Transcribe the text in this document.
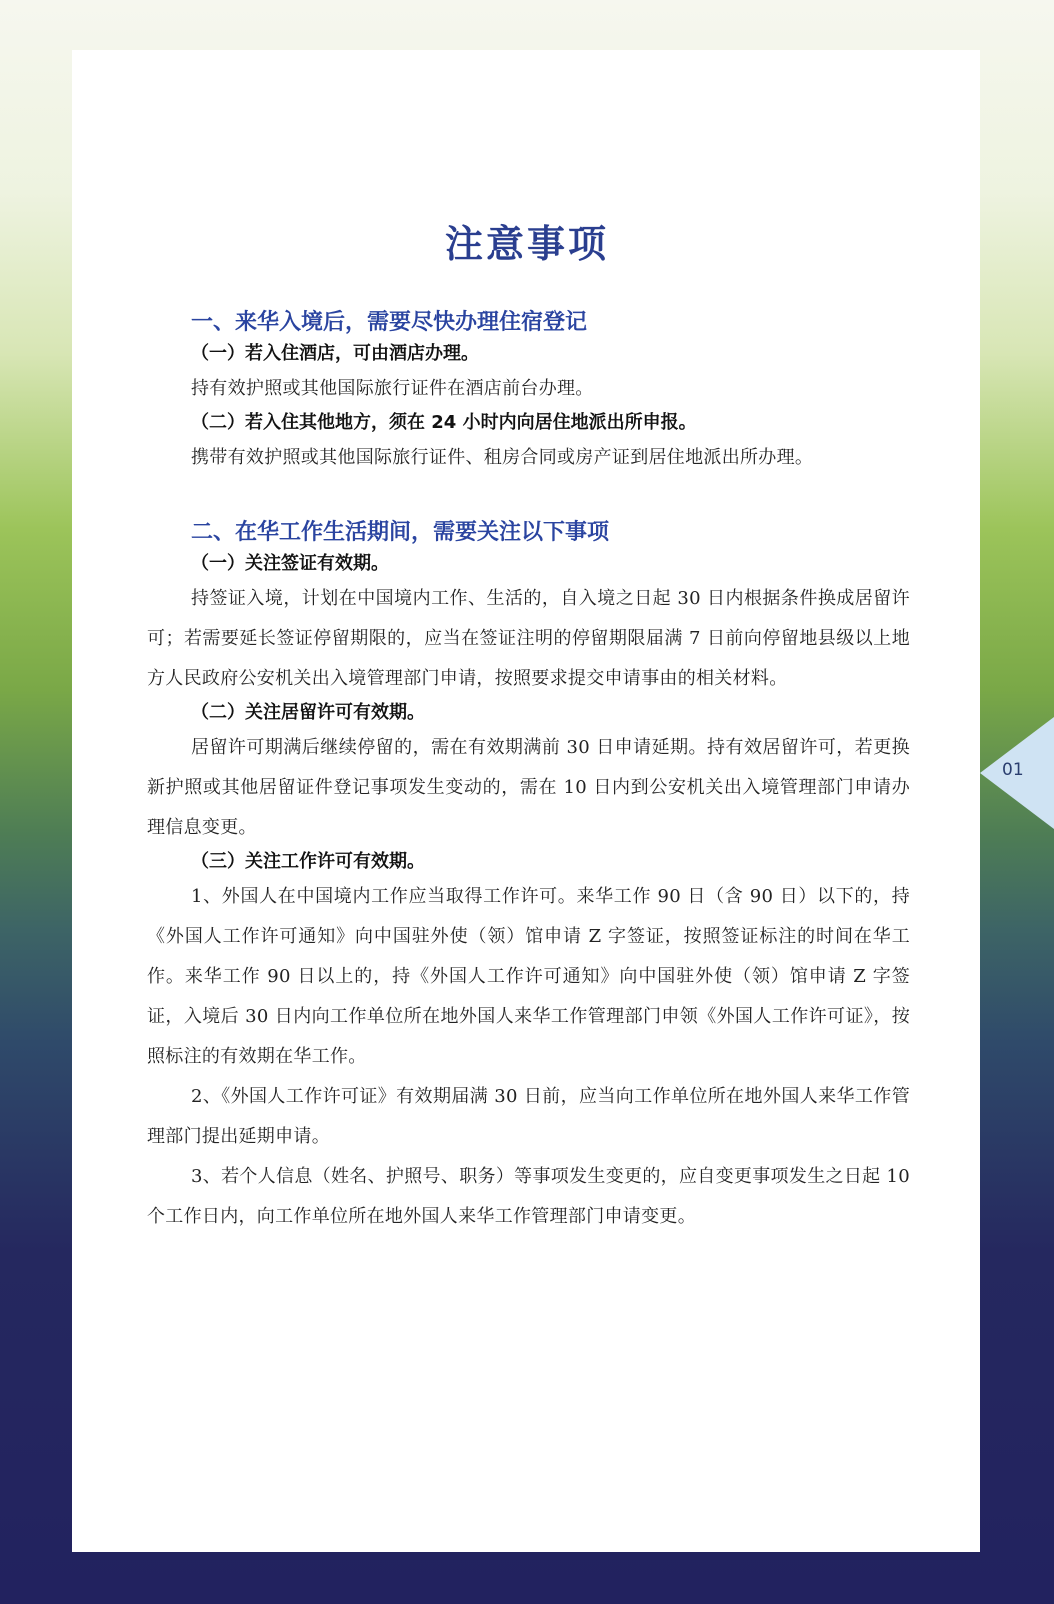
注意事项
一、来华入境后，需要尽快办理住宿登记
（一）若入住酒店，可由酒店办理。

持有效护照或其他国际旅行证件在酒店前台办理。

（二）若入住其他地方，须在 24 小时内向居住地派出所申报。

携带有效护照或其他国际旅行证件、租房合同或房产证到居住地派出所办理。

二、在华工作生活期间，需要关注以下事项
（一）关注签证有效期。

持签证入境，计划在中国境内工作、生活的，自入境之日起 30 日内根据条件换成居留许可；若需要延长签证停留期限的，应当在签证注明的停留期限届满 7 日前向停留地县级以上地方人民政府公安机关出入境管理部门申请，按照要求提交申请事由的相关材料。

（二）关注居留许可有效期。

居留许可期满后继续停留的，需在有效期满前 30 日申请延期。持有效居留许可，若更换新护照或其他居留证件登记事项发生变动的，需在 10 日内到公安机关出入境管理部门申请办理信息变更。

（三）关注工作许可有效期。

1、外国人在中国境内工作应当取得工作许可。来华工作 90 日（含 90 日）以下的，持《外国人工作许可通知》向中国驻外使（领）馆申请 Z 字签证，按照签证标注的时间在华工作。来华工作 90 日以上的，持《外国人工作许可通知》向中国驻外使（领）馆申请 Z 字签证，入境后 30 日内向工作单位所在地外国人来华工作管理部门申领《外国人工作许可证》，按照标注的有效期在华工作。

2、《外国人工作许可证》有效期届满 30 日前，应当向工作单位所在地外国人来华工作管理部门提出延期申请。

3、若个人信息（姓名、护照号、职务）等事项发生变更的，应自变更事项发生之日起 10 个工作日内，向工作单位所在地外国人来华工作管理部门申请变更。

01
